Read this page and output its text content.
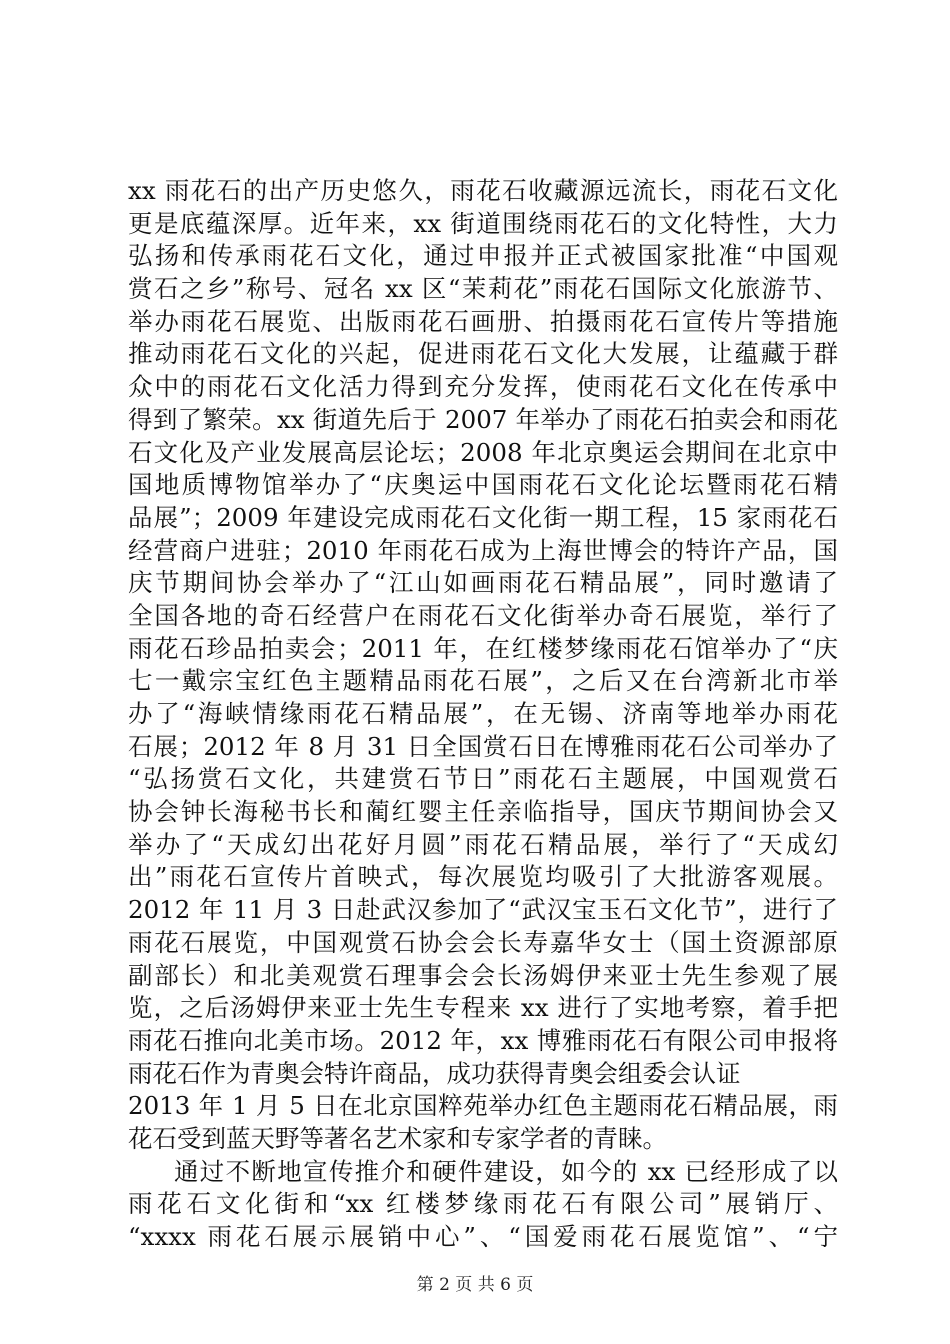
xx 雨花石的出产历史悠久，雨花石收藏源远流长，雨花石文化
更是底蕴深厚。近年来，xx 街道围绕雨花石的文化特性，大力
弘扬和传承雨花石文化，通过申报并正式被国家批准“中国观
赏石之乡”称号、冠名 xx 区“茉莉花”雨花石国际文化旅游节、
举办雨花石展览、出版雨花石画册、拍摄雨花石宣传片等措施
推动雨花石文化的兴起，促进雨花石文化大发展，让蕴藏于群
众中的雨花石文化活力得到充分发挥，使雨花石文化在传承中
得到了繁荣。xx 街道先后于 2007 年举办了雨花石拍卖会和雨花
石文化及产业发展高层论坛；2008 年北京奥运会期间在北京中
国地质博物馆举办了“庆奥运中国雨花石文化论坛暨雨花石精
品展”；2009 年建设完成雨花石文化街一期工程，15 家雨花石
经营商户进驻；2010 年雨花石成为上海世博会的特许产品，国
庆节期间协会举办了“江山如画雨花石精品展”，同时邀请了
全国各地的奇石经营户在雨花石文化街举办奇石展览，举行了
雨花石珍品拍卖会；2011 年，在红楼梦缘雨花石馆举办了“庆
七一戴宗宝红色主题精品雨花石展”，之后又在台湾新北市举
办了“海峡情缘雨花石精品展”，在无锡、济南等地举办雨花
石展；2012 年 8 月 31 日全国赏石日在博雅雨花石公司举办了
“弘扬赏石文化，共建赏石节日”雨花石主题展，中国观赏石
协会钟长海秘书长和蔺红婴主任亲临指导，国庆节期间协会又
举办了“天成幻出花好月圆”雨花石精品展，举行了“天成幻
出”雨花石宣传片首映式，每次展览均吸引了大批游客观展。
2012 年 11 月 3 日赴武汉参加了“武汉宝玉石文化节”，进行了
雨花石展览，中国观赏石协会会长寿嘉华女士（国土资源部原
副部长）和北美观赏石理事会会长汤姆伊来亚士先生参观了展
览，之后汤姆伊来亚士先生专程来 xx 进行了实地考察，着手把
雨花石推向北美市场。2012 年，xx 博雅雨花石有限公司申报将
雨花石作为青奥会特许商品，成功获得青奥会组委会认证
2013 年 1 月 5 日在北京国粹苑举办红色主题雨花石精品展，雨
花石受到蓝天野等著名艺术家和专家学者的青睐。
通过不断地宣传推介和硬件建设，如今的 xx 已经形成了以
雨花石文化街和“xx 红楼梦缘雨花石有限公司”展销厅、
“xxxx 雨花石展示展销中心”、“国爱雨花石展览馆”、“宁
第 2 页 共 6 页
